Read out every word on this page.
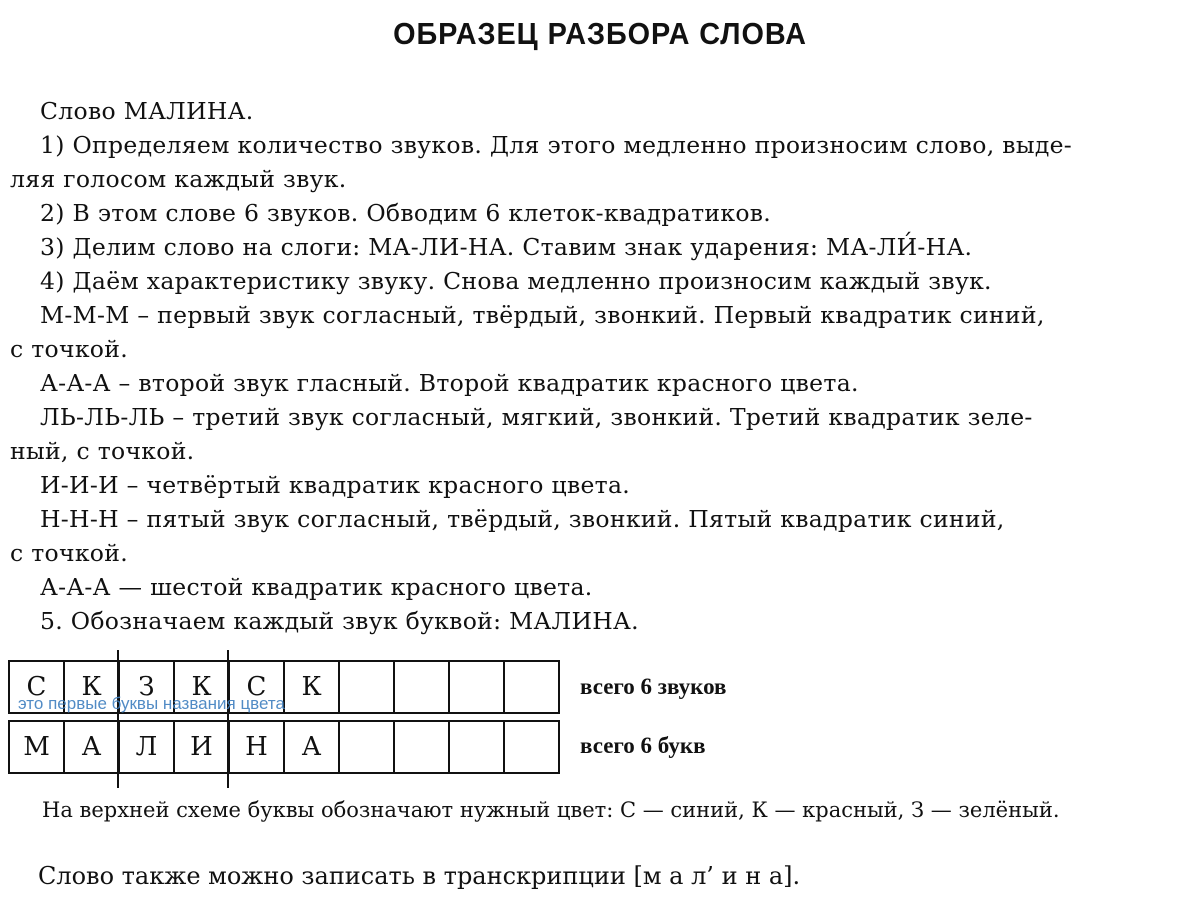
ОБРАЗЕЦ РАЗБОРА СЛОВА
Слово МАЛИНА.
1) Определяем количество звуков. Для этого медленно произносим слово, выде-
ляя голосом каждый звук.
2) В этом слове 6 звуков. Обводим 6 клеток-квадратиков.
3) Делим слово на слоги: МА-ЛИ-НА. Ставим знак ударения: МА-ЛИ́-НА.
4) Даём характеристику звуку. Снова медленно произносим каждый звук.
М-М-М – первый звук согласный, твёрдый, звонкий. Первый квадратик синий,
с точкой.
А-А-А – второй звук гласный. Второй квадратик красного цвета.
ЛЬ-ЛЬ-ЛЬ – третий звук согласный, мягкий, звонкий. Третий квадратик зеле-
ный, с точкой.
И-И-И – четвёртый квадратик красного цвета.
Н-Н-Н – пятый звук согласный, твёрдый, звонкий. Пятый квадратик синий,
с точкой.
А-А-А — шестой квадратик красного цвета.
5. Обозначаем каждый звук буквой: МАЛИНА.
С	К	З	К	С	К				

М	А	Л	И	Н	А				
всего 6 звуков
всего 6 букв
это первые буквы названия цвета
На верхней схеме буквы обозначают нужный цвет: С — синий, К — красный, З — зелёный.
Слово также можно записать в транскрипции [м а л’ и н а].
